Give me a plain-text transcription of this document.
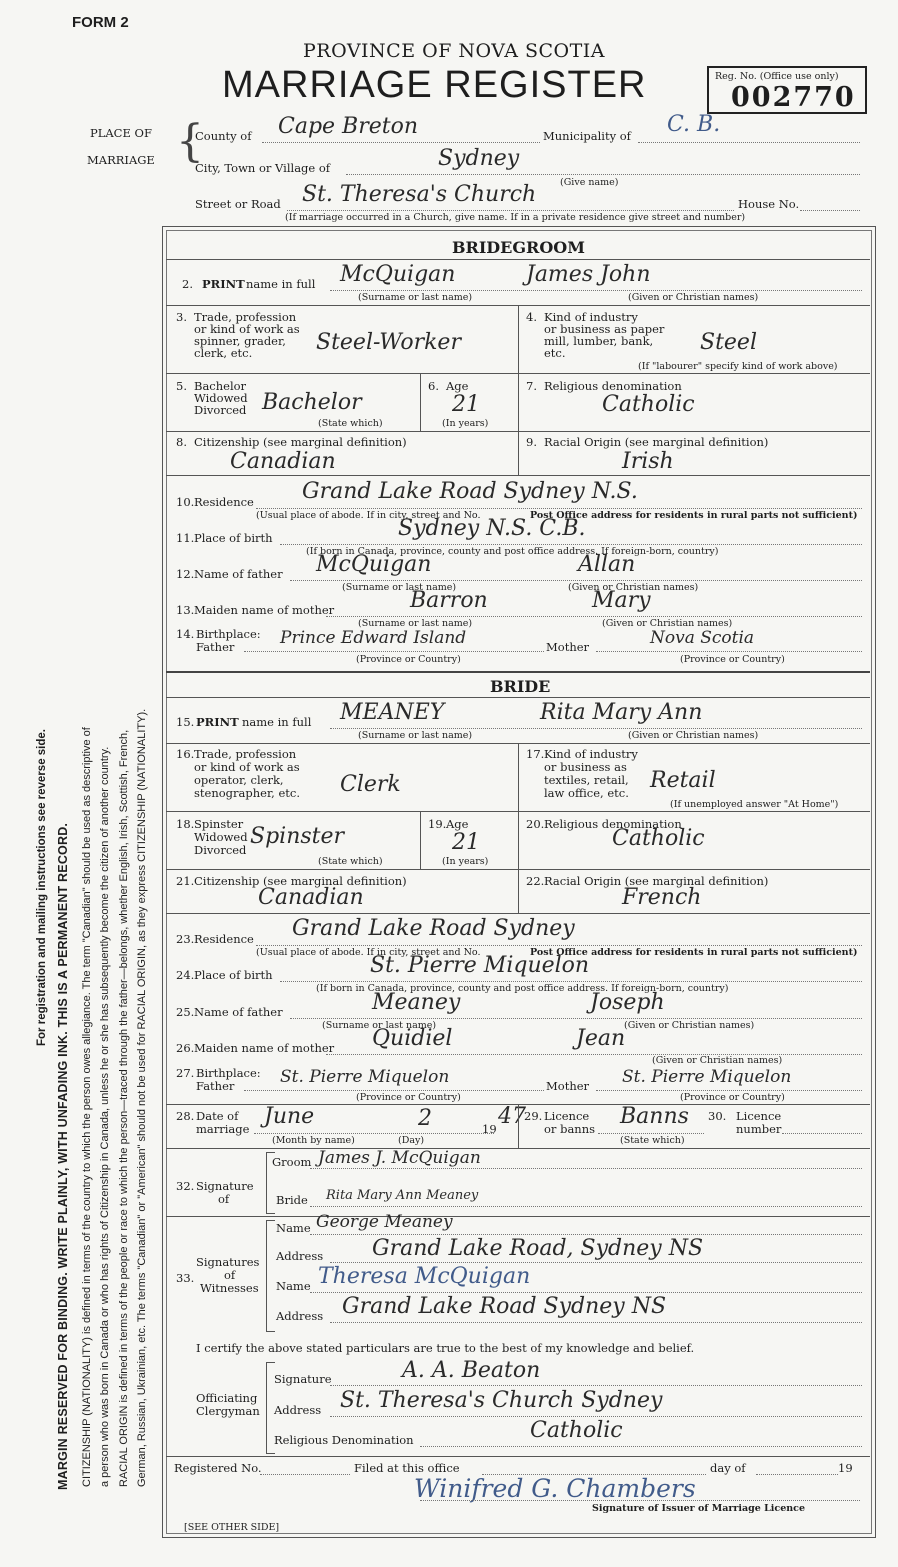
FORM 2
PROVINCE OF NOVA SCOTIA
MARRIAGE REGISTER	Reg. No. (Office use only)
002770
PLACE OF
MARRIAGE {
County of Cape Breton	Municipality of C. B.
City, Town or Village of	Sydney
(Give name)
Street or Road St. Theresa's Church	House No.
(If marriage occurred in a Church, give name. If in a private residence give street and number)
For registration and mailing instructions see reverse side. MARGIN RESERVED FOR BINDING. WRITE PLAINLY, WITH UNFADING INK. THIS IS A PERMANENT RECORD. CITIZENSHIP (NATIONALITY) is defined in terms of the country to which the person owes allegiance. The term "Canadian" should be used as descriptive of a person who was born in Canada or who has rights of Citizenship in Canada, unless he or she has subsequently become the citizen of another country. RACIAL ORIGIN is defined in terms of the people or race to which the person—traced through the father—belongs, whether English, Irish, Scottish, French, German, Russian, Ukrainian, etc. The terms "Canadian" or "American" should not be used for RACIAL ORIGIN, as they express CITIZENSHIP (NATIONALITY).
BRIDEGROOM
2. PRINT name in full McQuigan	James John
(Surname or last name)	(Given or Christian names)
3. Trade, profession
or kind of work as
spinner, grader,
clerk, etc.	Steel-Worker
4. Kind of industry
or business as paper
mill, lumber, bank,
etc.	Steel
(If "labourer" specify kind of work above)
5. Bachelor
Widowed
Divorced Bachelor
(State which)
6. Age
21
(In years)
7. Religious denomination
Catholic
8. Citizenship (see marginal definition)
Canadian
9. Racial Origin (see marginal definition)
Irish
10. Residence Grand Lake Road Sydney N.S.
(Usual place of abode. If in city, street and No.	Post Office address for residents in rural parts not sufficient)
11. Place of birth	Sydney N.S. C.B.
(If born in Canada, province, county and post office address. If foreign-born, country)
12. Name of father McQuigan	Allan
(Surname or last name)	(Given or Christian names)
13. Maiden name of mother	Barron	Mary
(Surname or last name)	(Given or Christian names)
14. Birthplace:
Father	Prince Edward Island	Mother	Nova Scotia
(Province or Country)	(Province or Country)
BRIDE
15. PRINT name in full MEANEY	Rita Mary Ann
(Surname or last name)	(Given or Christian names)
16. Trade, profession
or kind of work as
operator, clerk,
stenographer, etc. Clerk
17. Kind of industry
or business as
textiles, retail,
law office, etc. Retail
(If unemployed answer "At Home")
18. Spinster
Widowed
Divorced
Spinster
(State which)
19. Age
21
(In years)
20. Religious denomination
Catholic
21. Citizenship (see marginal definition)
Canadian
22. Racial Origin (see marginal definition)
French
23. Residence Grand Lake Road Sydney
(Usual place of abode. If in city, street and No.	Post Office address for residents in rural parts not sufficient)
24. Place of birth	St. Pierre Miquelon
(If born in Canada, province, county and post office address. If foreign-born, country)
25. Name of father	Meaney	Joseph
(Surname or last name)	(Given or Christian names)
26. Maiden name of mother Quidiel	Jean
(Given or Christian names)
27. Birthplace:
Father	St. Pierre Miquelon	Mother St. Pierre Miquelon
(Province or Country)	(Province or Country)
28. Date of
marriage June	2	19 47
(Month by name)	(Day)
29. Licence
or banns Banns
(State which)
30. Licence
number
32. Signature
of
Groom James J. McQuigan
Bride Rita Mary Ann Meaney
33.
Signatures
of
Witnesses
Name George Meaney
Address Grand Lake Road, Sydney NS
Name Theresa McQuigan
Address Grand Lake Road Sydney NS
I certify the above stated particulars are true to the best of my knowledge and belief.
Officiating
Clergyman
Signature	A. A. Beaton
Address St. Theresa's Church Sydney
Religious Denomination	Catholic
Registered No.	Filed at this office	day of	19
Winifred G. Chambers
Signature of Issuer of Marriage Licence
[SEE OTHER SIDE]
